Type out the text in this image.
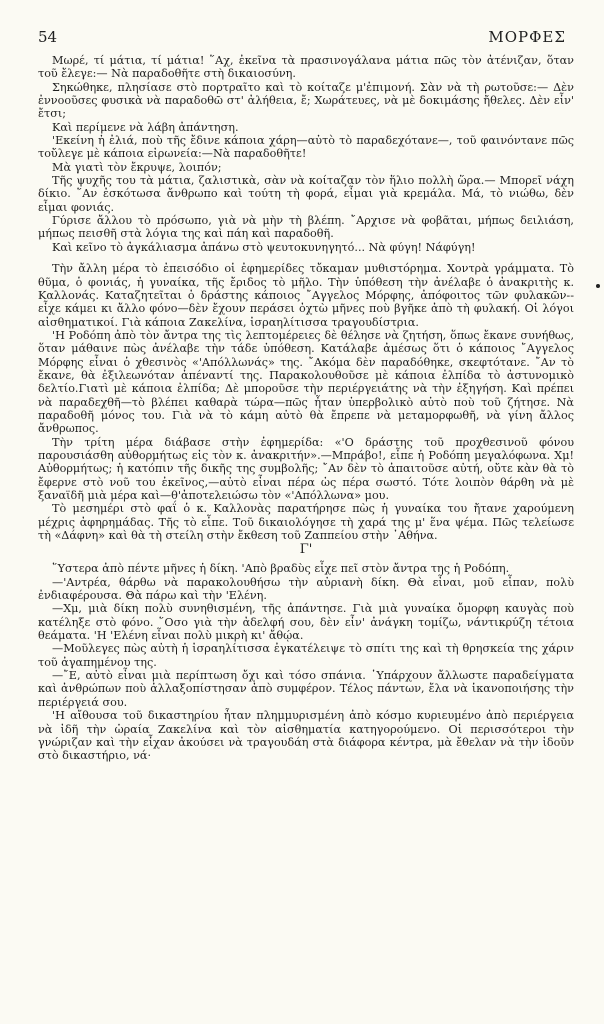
54	ΜΟΡΦΕΣ

Μωρέ, τί μάτια, τί μάτια! ῞Αχ, ἐκεῖνα τὰ πρασινογάλανα μάτια πῶς τὸν ἀτένιζαν, ὅταν τοῦ ἔλεγε:— Νὰ παραδοθῆτε στὴ δικαιοσύνη.

Σηκώθηκε, πλησίασε στὸ πορτραῖτο καὶ τὸ κοίταζε μ'ἐπιμονή. Σὰν νὰ τὴ ρωτοῦσε:— Δὲν ἐννοοῦσες φυσικὰ νὰ παραδοθῶ στ' ἀλήθεια, ἔ; Χωράτευες, νὰ μὲ δοκιμάσης ἤθελες. Δὲν εἶν' ἔτσι;

Καὶ περίμενε νὰ λάβη ἀπάντηση.

'Εκείνη ἡ ἐλιά, ποὺ τῆς ἔδινε κάποια χάρη—αὐτὸ τὸ παραδεχότανε—, τοῦ φαινόντανε πῶς τοὔλεγε μὲ κάποια εἰρωνεία:—Νὰ παραδοθῆτε!

Μὰ γιατὶ τὸν ἔκρυψε, λοιπόν;

Τῆς ψυχῆς του τὰ μάτια, ζαλιστικὰ, σὰν νὰ κοίταζαν τὸν ἥλιο πολλὴ ὥρα.— Μπορεῖ νάχη δίκιο. ῞Αν ἐσκότωσα ἄνθρωπο καὶ τούτη τὴ φορά, εἶμαι γιὰ κρεμάλα. Μά, τὸ νιώθω, δὲν εἶμαι φονιάς.

Γύρισε ἄλλου τὸ πρόσωπο, γιὰ νὰ μὴν τὴ βλέπη. ῎Αρχισε νὰ φοβᾶται, μήπως δειλιάση, μήπως πεισθῆ στὰ λόγια της καὶ πάη καὶ παραδοθῆ.

Καὶ κεῖνο τὸ ἀγκάλιασμα ἀπάνω στὸ ψευτοκυνηγητό... Νὰ φύγη! Νάφύγη!

Τὴν ἄλλη μέρα τὸ ἐπεισόδιο οἱ ἐφημερίδες τὄκαμαν μυθιστόρημα. Χοντρὰ γράμματα. Τὸ θῦμα, ὁ φονιάς, ἡ γυναίκα, τῆς ἔριδος τὸ μῆλο. Τὴν ὑπόθεση τὴν ἀνέλαβε ὁ ἀνακριτὴς κ. Καλλονάς. Καταζητεῖται ὁ δράστης κάποιος ῎Αγγελος Μόρφης, ἀπόφοιτος τῶν φυλακῶν--εἶχε κάμει κι ἄλλο φόνο—δὲν ἔχουν περάσει ὀχτὼ μῆνες ποὺ βγῆκε ἀπὸ τὴ φυλακή. Οἱ λόγοι αἰσθηματικοί. Γιὰ κάποια Ζακελίνα, ἰσραηλίτισσα τραγουδίστρια.

'Η Ροδόπη ἀπὸ τὸν ἄντρα της τὶς λεπτομέρειες δὲ θέλησε νὰ ζητήση, ὅπως ἔκανε συνήθως, ὅταν μάθαινε πὼς ἀνέλαβε τὴν τάδε ὑπόθεση. Κατάλαβε ἀμέσως ὅτι ὁ κάποιος ῎Αγγελος Μόρφης εἶναι ὁ χθεσινὸς «'Απόλλωνάς» της. ῎Ακόμα δὲν παραδόθηκε, σκεφτότανε. ῎Αν τὸ ἔκανε, θὰ ἐξιλεωνόταν ἀπέναντί της. Παρακολουθοῦσε μὲ κάποια ἐλπίδα τὸ ἀστυνομικὸ δελτίο.Γιατὶ μὲ κάποια ἐλπίδα; Δὲ μποροῦσε τὴν περιέργειάτης νὰ τὴν ἐξηγήση. Καὶ πρέπει νὰ παραδεχθῆ—τὸ βλέπει καθαρὰ τώρα—πῶς ἦταν ὑπερβολικὸ αὐτὸ ποὺ τοῦ ζήτησε. Νὰ παραδοθῆ μόνος του. Γιὰ νὰ τὸ κάμη αὐτὸ θὰ ἔπρεπε νὰ μεταμορφωθῆ, νὰ γίνη ἄλλος ἄνθρωπος.

Τὴν τρίτη μέρα διάβασε στὴν ἐφημερίδα: «'Ο δράστης τοῦ προχθεσινοῦ φόνου παρουσιάσθη αὐθορμήτως εἰς τὸν κ. ἀνακριτήν».—Μπράβο!, εἶπε ἡ Ροδόπη μεγαλόφωνα. Χμ! Αὐθορμήτως; ἡ κατόπιν τῆς δικῆς της συμβολῆς; ῎Αν δὲν τὸ ἀπαιτοῦσε αὐτή, οὔτε κὰν θὰ τὸ ἔφερνε στὸ νοῦ του ἐκεῖνος,—αὐτὸ εἶναι πέρα ὡς πέρα σωστό. Τότε λοιπὸν θάρθη νὰ μὲ ξαναϊδῆ μιὰ μέρα καὶ—θ'ἀποτελειώσω τὸν «'Απόλλωνα» μου.

Τὸ μεσημέρι στὸ φαΐ ὁ κ. Καλλονὰς παρατήρησε πὼς ἡ γυναίκα του ἤτανε χαρούμενη μέχρις ἀφηρημάδας. Τῆς τὸ εἶπε. Τοῦ δικαιολόγησε τὴ χαρά της μ' ἕνα ψέμα. Πῶς τελείωσε τὴ «Δάφνη» καὶ θὰ τὴ στείλη στὴν ἔκθεση τοῦ Ζαππείου στὴν ᾿Αθήνα.

Γ'

῞Υστερα ἀπὸ πέντε μῆνες ἡ δίκη. 'Απὸ βραδὺς εἶχε πεῖ στὸν ἄντρα της ἡ Ροδόπη.

—'Αντρέα, θάρθω νὰ παρακολουθήσω τὴν αὐριανὴ δίκη. Θὰ εἶναι, μοῦ εἶπαν, πολὺ ἐνδιαφέρουσα. Θὰ πάρω καὶ τὴν 'Ελένη.

—Χμ, μιὰ δίκη πολὺ συνηθισμένη, τῆς ἀπάντησε. Γιὰ μιὰ γυναίκα ὄμορφη καυγὰς ποὺ κατέληξε στὸ φόνο. ῞Οσο γιὰ τὴν ἀδελφή σου, δὲν εἶν' ἀνάγκη τομίζω, νάντικρύζη τέτοια θεάματα. 'Η 'Ελένη εἶναι πολὺ μικρὴ κι' ἄθῴα.

—Μοῦλεγες πὼς αὐτὴ ἡ ἰσραηλίτισσα ἐγκατέλειψε τὸ σπίτι της καὶ τὴ θρησκεία της χάριν τοῦ ἀγαπημένου της.

—῎Ε, αὐτὸ εἶναι μιὰ περίπτωση ὄχι καὶ τόσο σπάνια. ῾Υπάρχουν ἄλλωστε παραδείγματα καὶ ἀνθρώπων ποὺ ἀλλαξοπίστησαν ἀπὸ συμφέρον. Τέλος πάντων, ἔλα νὰ ἱκανοποιήσης τὴν περιέργειά σου.

'Η αἴθουσα τοῦ δικαστηρίου ἦταν πλημμυρισμένη ἀπὸ κόσμο κυριευμένο ἀπὸ περιέργεια νὰ ἰδῆ τὴν ὡραία Ζακελίνα καὶ τὸν αἰσθηματία κατηγορούμενο. Οἱ περισσότεροι τὴν γνώριζαν καὶ τὴν εἶχαν ἀκούσει νὰ τραγουδάη στὰ διάφορα κέντρα, μὰ ἔθελαν νὰ τὴν ἰδοῦν στὸ δικαστήριο, νά·
